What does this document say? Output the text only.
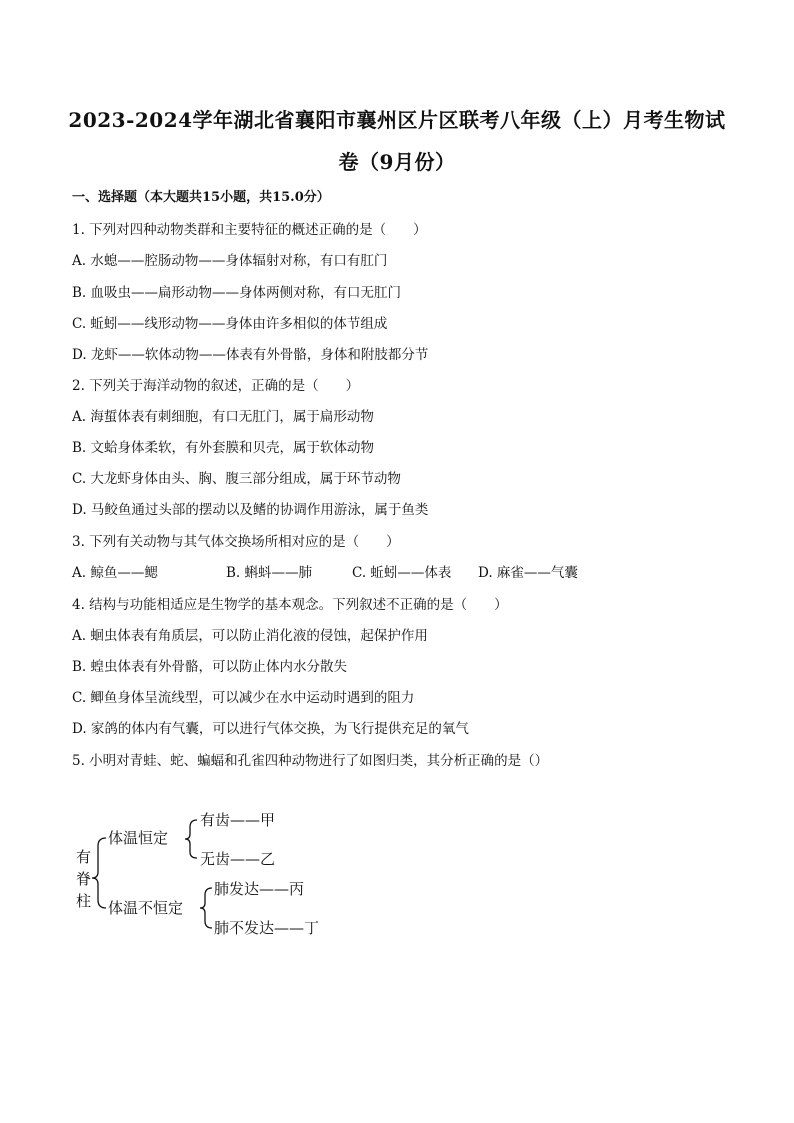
2023-2024学年湖北省襄阳市襄州区片区联考八年级（上）月考生物试
卷（9月份）
一、选择题（本大题共15小题，共15.0分）
1. 下列对四种动物类群和主要特征的概述正确的是（　　）
A. 水螅——腔肠动物——身体辐射对称，有口有肛门
B. 血吸虫——扁形动物——身体两侧对称，有口无肛门
C. 蚯蚓——线形动物——身体由许多相似的体节组成
D. 龙虾——软体动物——体表有外骨骼，身体和附肢都分节
2. 下列关于海洋动物的叙述，正确的是（　　）
A. 海蜇体表有刺细胞，有口无肛门，属于扁形动物
B. 文蛤身体柔软，有外套膜和贝壳，属于软体动物
C. 大龙虾身体由头、胸、腹三部分组成，属于环节动物
D. 马鲛鱼通过头部的摆动以及鳍的协调作用游泳，属于鱼类
3. 下列有关动物与其气体交换场所相对应的是（　　）
A. 鲸鱼——鳃	B. 蝌蚪——肺	C. 蚯蚓——体表 D. 麻雀——气囊
4. 结构与功能相适应是生物学的基本观念。下列叙述不正确的是（　　）
A. 蛔虫体表有角质层，可以防止消化液的侵蚀，起保护作用
B. 蝗虫体表有外骨骼，可以防止体内水分散失
C. 鲫鱼身体呈流线型，可以减少在水中运动时遇到的阻力
D. 家鸽的体内有气囊，可以进行气体交换，为飞行提供充足的氧气
5. 小明对青蛙、蛇、蝙蝠和孔雀四种动物进行了如图归类，其分析正确的是（）
有
脊
柱
体温恒定
体温不恒定
有齿——甲
无齿——乙
肺发达——丙
肺不发达——丁
